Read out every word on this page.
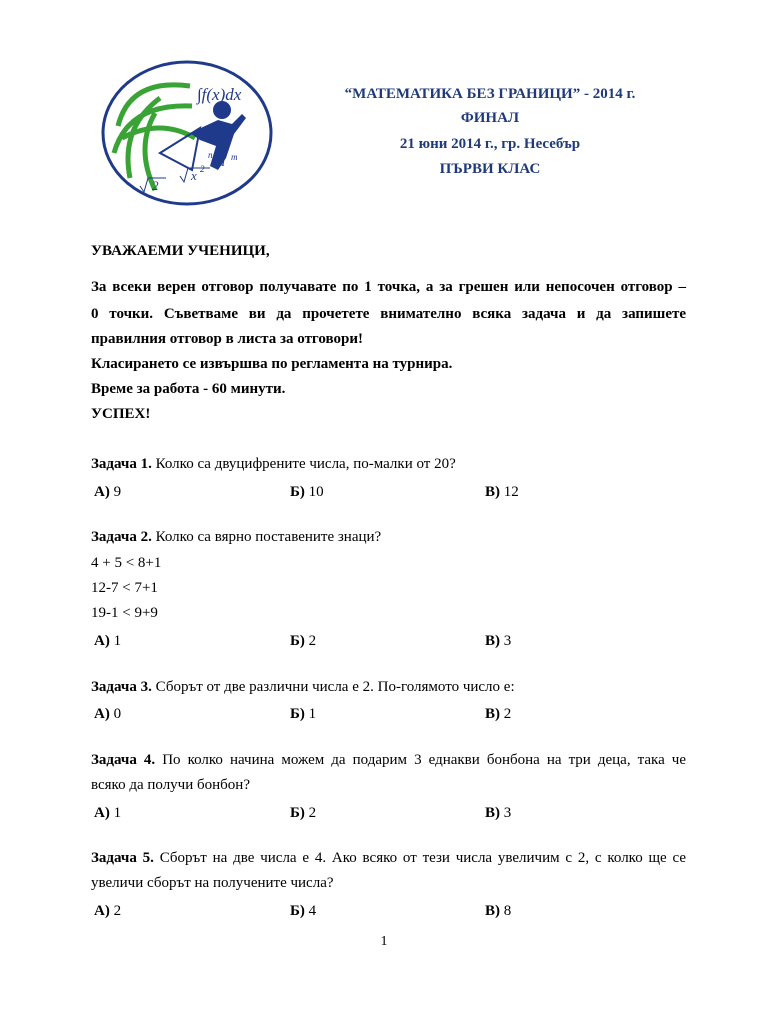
∫f(x)dx
n a m
x 2
2
“МАТЕМАТИКА БЕЗ ГРАНИЦИ” - 2014 г.
ФИНАЛ
21 юни 2014 г., гр. Несебър
ПЪРВИ КЛАС
УВАЖАЕМИ УЧЕНИЦИ,
За всеки верен отговор получавате по 1 точка, а за грешен или непосочен отговор –
0 точки. Съветваме ви да прочетете внимателно всяка задача и да запишете
правилния отговор в листа за отговори!
Класирането се извършва по регламента на турнира.
Време за работа - 60 минути.
УСПЕХ!
Задача 1. Колко са двуцифрените числа, по-малки от 20?
А) 9	Б) 10	В) 12
Задача 2. Колко са вярно поставените знаци?
4 + 5 < 8+1
12-7 < 7+1
19-1 < 9+9
А) 1	Б) 2	В) 3
Задача 3. Сборът от две различни числа е 2. По-голямото число е:
А) 0	Б) 1	В) 2
Задача 4. По колко начина можем да подарим 3 еднакви бонбона на три деца, така че
всяко да получи бонбон?
А) 1	Б) 2	В) 3
Задача 5. Сборът на две числа е 4. Ако всяко от тези числа увеличим с 2, с колко ще се
увеличи сборът на получените числа?
А) 2	Б) 4	В) 8
1
